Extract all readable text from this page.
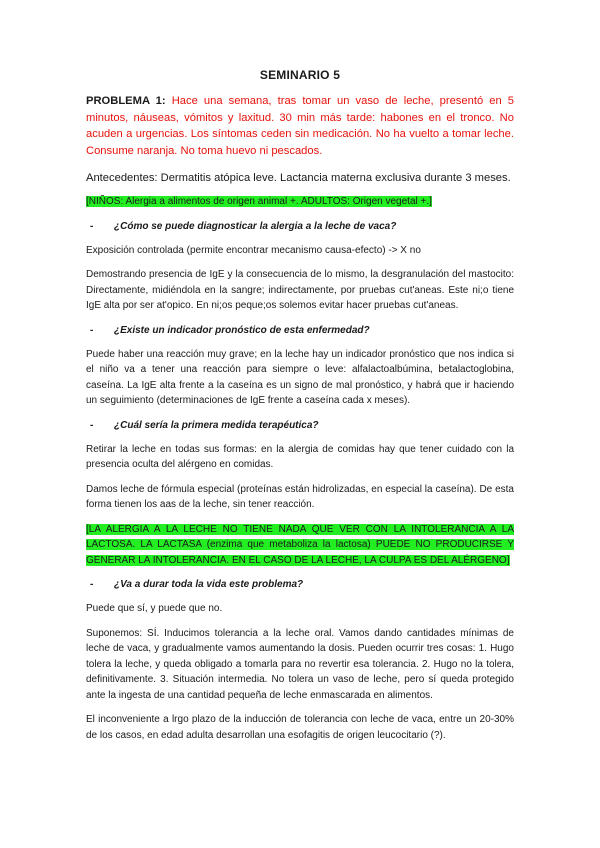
SEMINARIO 5
PROBLEMA 1: Hace una semana, tras tomar un vaso de leche, presentó en 5 minutos, náuseas, vómitos y laxitud. 30 min más tarde: habones en el tronco. No acuden a urgencias. Los síntomas ceden sin medicación. No ha vuelto a tomar leche. Consume naranja. No toma huevo ni pescados.
Antecedentes: Dermatitis atópica leve. Lactancia materna exclusiva durante 3 meses.
[NIÑOS: Alergia a alimentos de origen animal +. ADULTOS: Origen vegetal +.]
- ¿Cómo se puede diagnosticar la alergia a la leche de vaca?
Exposición controlada (permite encontrar mecanismo causa-efecto) -> X no
Demostrando presencia de IgE y la consecuencia de lo mismo, la desgranulación del mastocito: Directamente, midiéndola en la sangre; indirectamente, por pruebas cut'aneas. Este ni;o tiene IgE alta por ser at'opico. En ni;os peque;os solemos evitar hacer pruebas cut'aneas.
- ¿Existe un indicador pronóstico de esta enfermedad?
Puede haber una reacción muy grave; en la leche hay un indicador pronóstico que nos indica si el niño va a tener una reacción para siempre o leve: alfalactoalbúmina, betalactoglobina, caseína. La IgE alta frente a la caseína es un signo de mal pronóstico, y habrá que ir haciendo un seguimiento (determinaciones de IgE frente a caseína cada x meses).
- ¿Cuál sería la primera medida terapéutica?
Retirar la leche en todas sus formas: en la alergia de comidas hay que tener cuidado con la presencia oculta del alérgeno en comidas.
Damos leche de fórmula especial (proteínas están hidrolizadas, en especial la caseína). De esta forma tienen los aas de la leche, sin tener reacción.
[LA ALERGIA A LA LECHE NO TIENE NADA QUE VER CON LA INTOLERANCIA A LA LACTOSA. LA LACTASA (enzima que metaboliza la lactosa) PUEDE NO PRODUCIRSE Y GENERAR LA INTOLERANCIA. EN EL CASO DE LA LECHE, LA CULPA ES DEL ALÉRGENO]
- ¿Va a durar toda la vida este problema?
Puede que sí, y puede que no.
Suponemos: SÍ. Inducimos tolerancia a la leche oral. Vamos dando cantidades mínimas de leche de vaca, y gradualmente vamos aumentando la dosis. Pueden ocurrir tres cosas: 1. Hugo tolera la leche, y queda obligado a tomarla para no revertir esa tolerancia. 2. Hugo no la tolera, definitivamente. 3. Situación intermedia. No tolera un vaso de leche, pero sí queda protegido ante la ingesta de una cantidad pequeña de leche enmascarada en alimentos.
El inconveniente a lrgo plazo de la inducción de tolerancia con leche de vaca, entre un 20-30% de los casos, en edad adulta desarrollan una esofagitis de origen leucocitario (?).
